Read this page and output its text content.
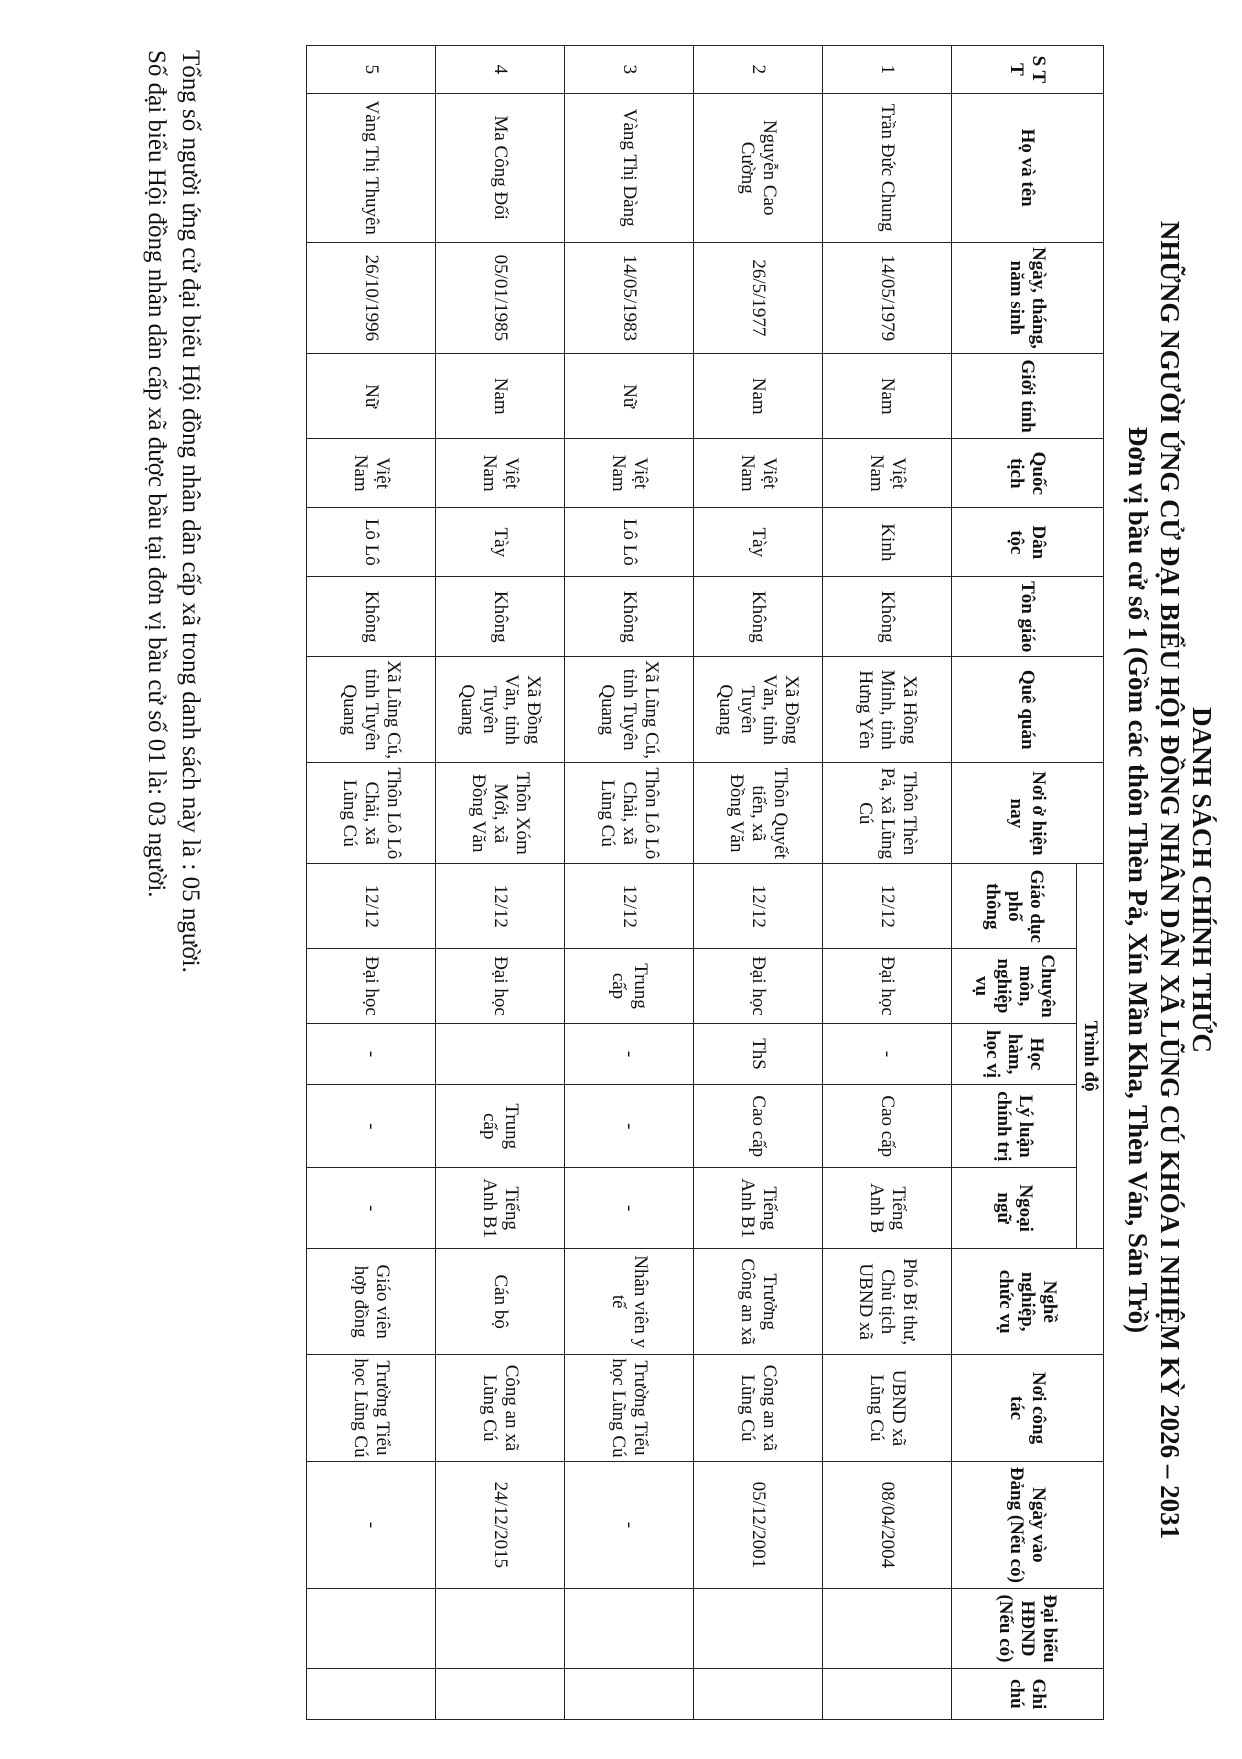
DANH SÁCH CHÍNH THỨC
NHỮNG NGƯỜI ỨNG CỬ ĐẠI BIỂU HỘI ĐỒNG NHÂN DÂN XÃ LŨNG CÚ KHÓA I NHIỆM KỲ 2026 – 2031
Đơn vị bầu cử số 1 (Gồm các thôn Thèn Pả, Xín Mần Kha, Thèn Ván, Sán Trồ)
S T T	Họ và tên	Ngày, tháng, năm sinh	Giới tính	Quốc tịch	Dân tộc	Tôn giáo	Quê quán	Nơi ở hiện nay	Trình độ					Nghề nghiệp, chức vụ	Nơi công tác	Ngày vào Đảng (Nếu có)	Đại biểu HĐND (Nếu có)	Ghi chú
									Giáo dục phổ thông	Chuyên môn, nghiệp vụ	Học hàm, học vị	Lý luận chính trị	Ngoại ngữ					
1	Trần Đức Chung	14/05/1979	Nam	Việt Nam	Kinh	Không	Xã Hồng Minh, tỉnh Hưng Yên	Thôn Thèn Pả, xã Lũng Cú	12/12	Đại học	-	Cao cấp	Tiếng Anh B	Phó Bí thư, Chủ tịch UBND xã	UBND xã Lũng Cú	08/04/2004		
2	Nguyễn Cao Cường	26/5/1977	Nam	Việt Nam	Tày	Không	Xã Đồng Văn, tỉnh Tuyên Quang	Thôn Quyết tiến, xã Đồng Văn	12/12	Đại học	ThS	Cao cấp	Tiếng Anh B1	Trưởng Công an xã	Công an xã Lũng Cú	05/12/2001		
3	Vàng Thị Dàng	14/05/1983	Nữ	Việt Nam	Lô Lô	Không	Xã Lũng Cú, tỉnh Tuyên Quang	Thôn Lô Lô Chải, xã Lũng Cú	12/12	Trung cấp	-	-	-	Nhân viên y tế	Trường Tiểu học Lũng Cú	-		
4	Ma Công Đối	05/01/1985	Nam	Việt Nam	Tày	Không	Xã Đồng Văn, tỉnh Tuyên Quang	Thôn Xóm Mới, xã Đồng Văn	12/12	Đại học		Trung cấp	Tiếng Anh B1	Cán bộ	Công an xã Lũng Cú	24/12/2015		
5	Vàng Thị Thuyên	26/10/1996	Nữ	Việt Nam	Lô Lô	Không	Xã Lũng Cú, tỉnh Tuyên Quang	Thôn Lô Lô Chải, xã Lũng Cú	12/12	Đại học	-	-	-	Giáo viên hợp đồng	Trường Tiểu học Lũng Cú	-		

Tổng số người ứng cử đại biểu Hội đồng nhân dân cấp xã trong danh sách này là : 05 người.

Số đại biểu Hội đồng nhân dân cấp xã được bầu tại đơn vị bầu cử số 01 là: 03 người.
